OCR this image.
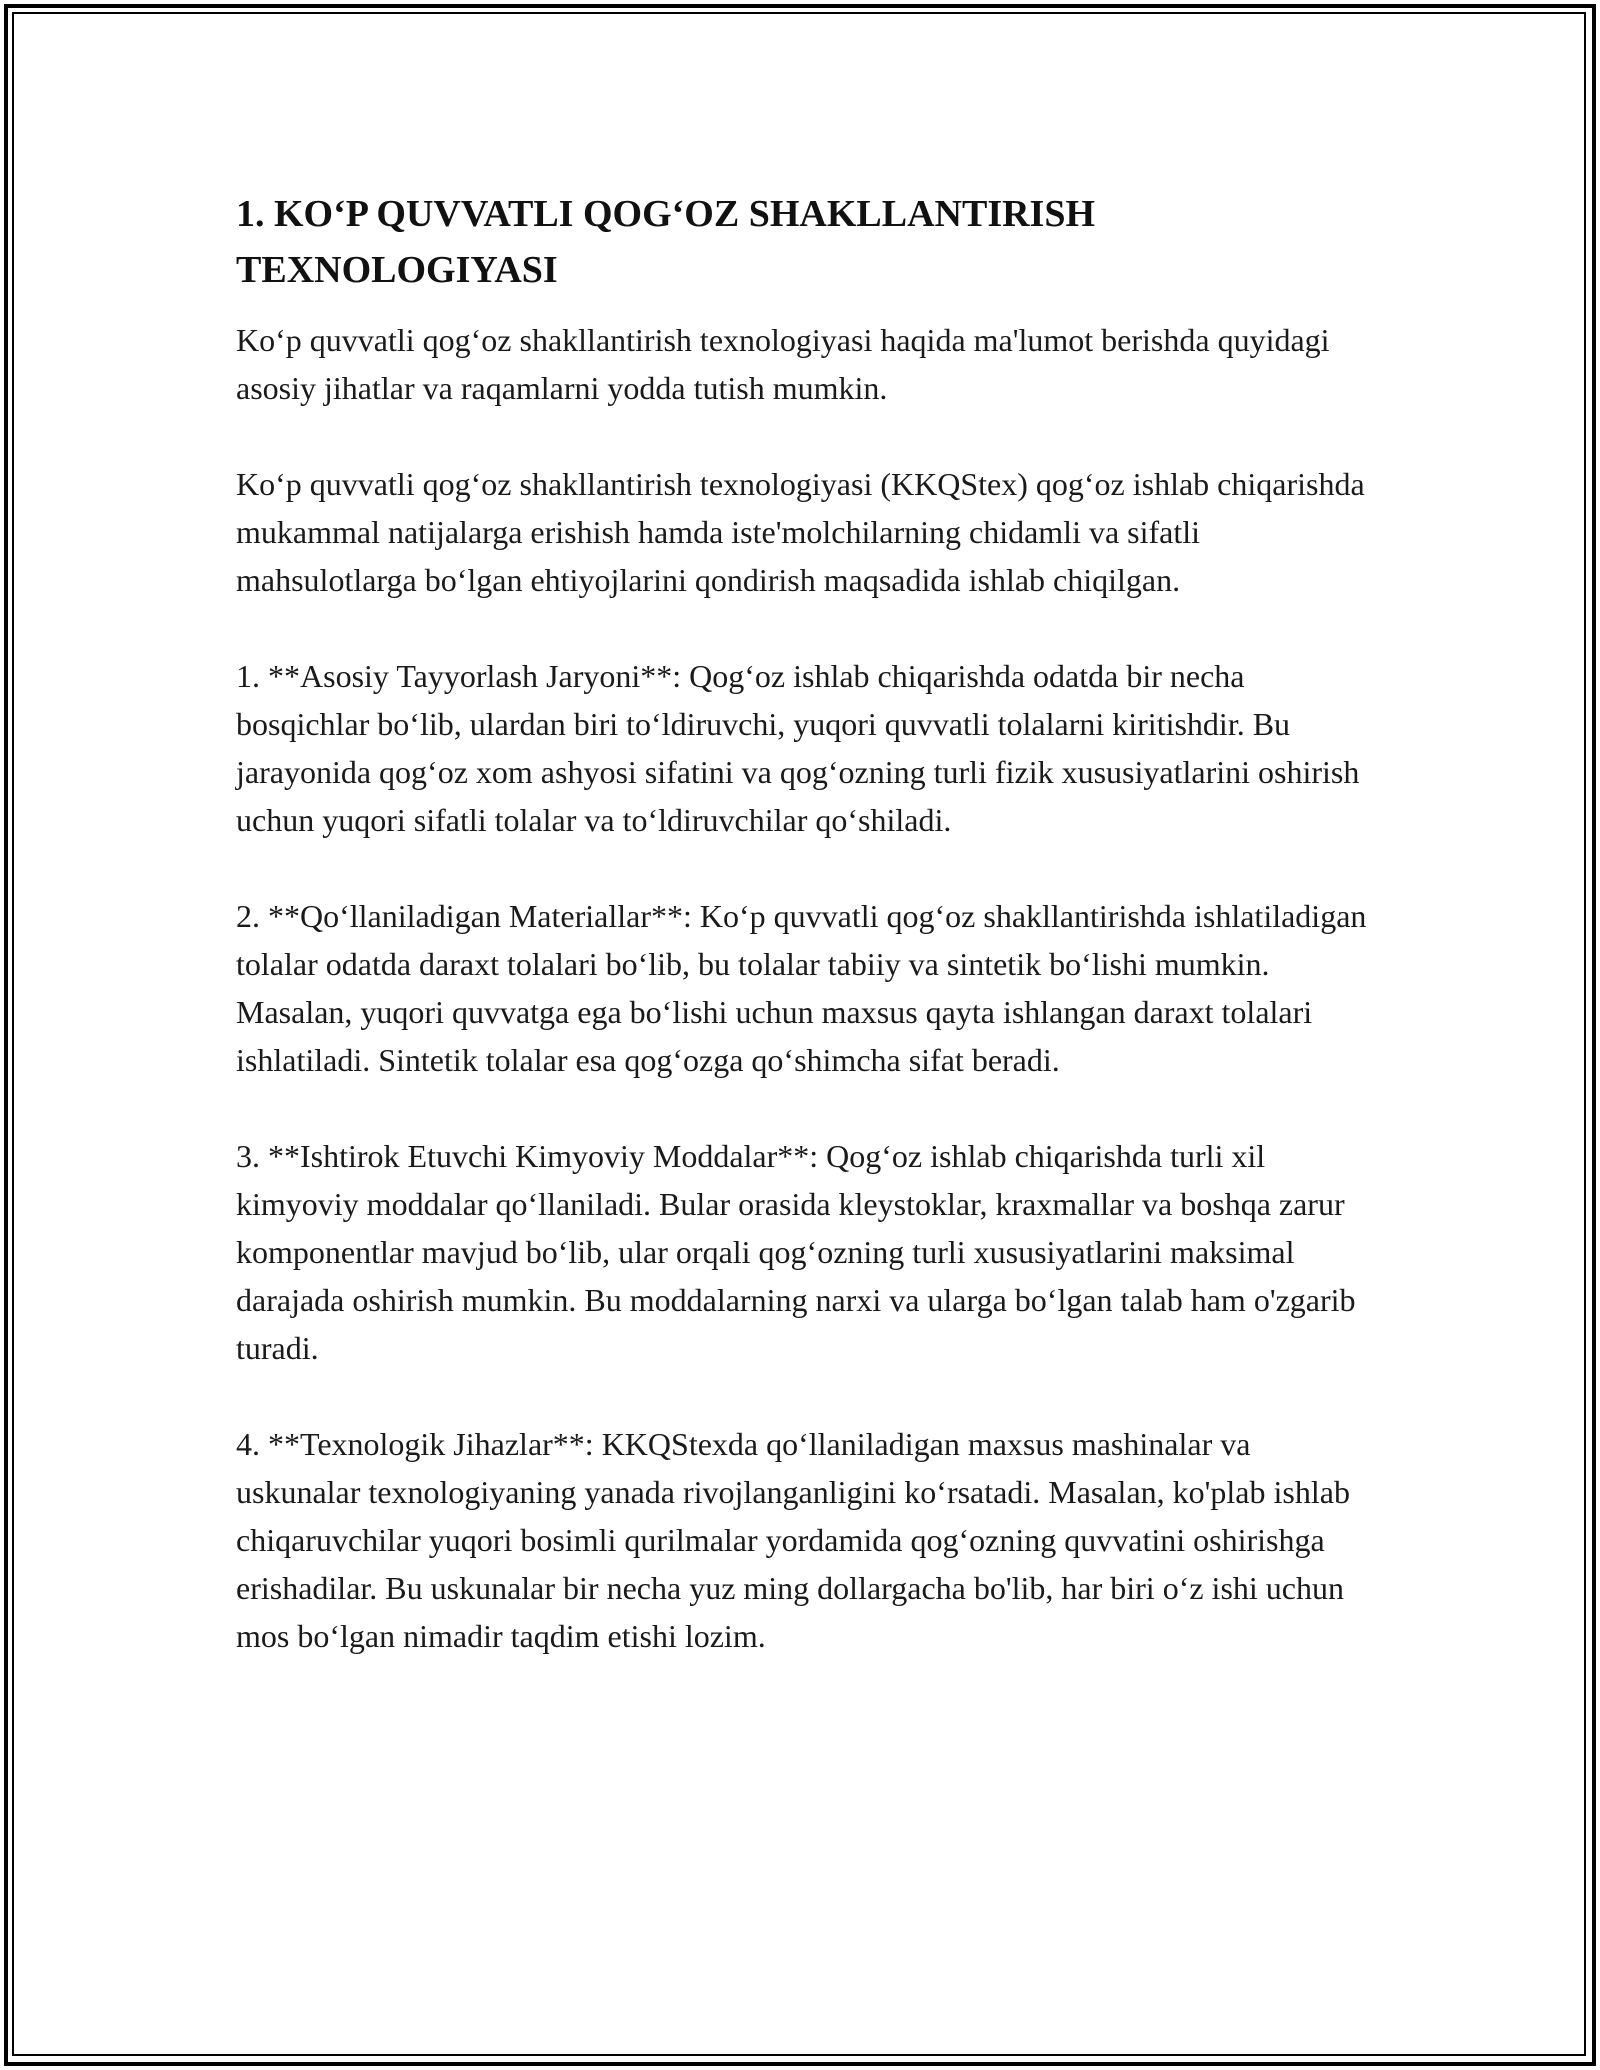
1. KO‘P QUVVATLI QOG‘OZ SHAKLLANTIRISH TEXNOLOGIYASI

Ko‘p quvvatli qog‘oz shakllantirish texnologiyasi haqida ma'lumot berishda quyidagi asosiy jihatlar va raqamlarni yodda tutish mumkin.

Ko‘p quvvatli qog‘oz shakllantirish texnologiyasi (KKQStex) qog‘oz ishlab chiqarishda mukammal natijalarga erishish hamda iste'molchilarning chidamli va sifatli mahsulotlarga bo‘lgan ehtiyojlarini qondirish maqsadida ishlab chiqilgan.

1. **Asosiy Tayyorlash Jaryoni**: Qog‘oz ishlab chiqarishda odatda bir necha bosqichlar bo‘lib, ulardan biri to‘ldiruvchi, yuqori quvvatli tolalarni kiritishdir. Bu jarayonida qog‘oz xom ashyosi sifatini va qog‘ozning turli fizik xususiyatlarini oshirish uchun yuqori sifatli tolalar va to‘ldiruvchilar qo‘shiladi.

2. **Qo‘llaniladigan Materiallar**: Ko‘p quvvatli qog‘oz shakllantirishda ishlatiladigan tolalar odatda daraxt tolalari bo‘lib, bu tolalar tabiiy va sintetik bo‘lishi mumkin. Masalan, yuqori quvvatga ega bo‘lishi uchun maxsus qayta ishlangan daraxt tolalari ishlatiladi. Sintetik tolalar esa qog‘ozga qo‘shimcha sifat beradi.

3. **Ishtirok Etuvchi Kimyoviy Moddalar**: Qog‘oz ishlab chiqarishda turli xil kimyoviy moddalar qo‘llaniladi. Bular orasida kleystoklar, kraxmallar va boshqa zarur komponentlar mavjud bo‘lib, ular orqali qog‘ozning turli xususiyatlarini maksimal darajada oshirish mumkin. Bu moddalarning narxi va ularga bo‘lgan talab ham o'zgarib turadi.

4. **Texnologik Jihazlar**: KKQStexda qo‘llaniladigan maxsus mashinalar va uskunalar texnologiyaning yanada rivojlanganligini ko‘rsatadi. Masalan, ko'plab ishlab chiqaruvchilar yuqori bosimli qurilmalar yordamida qog‘ozning quvvatini oshirishga erishadilar. Bu uskunalar bir necha yuz ming dollargacha bo'lib, har biri o‘z ishi uchun mos bo‘lgan nimadir taqdim etishi lozim.
